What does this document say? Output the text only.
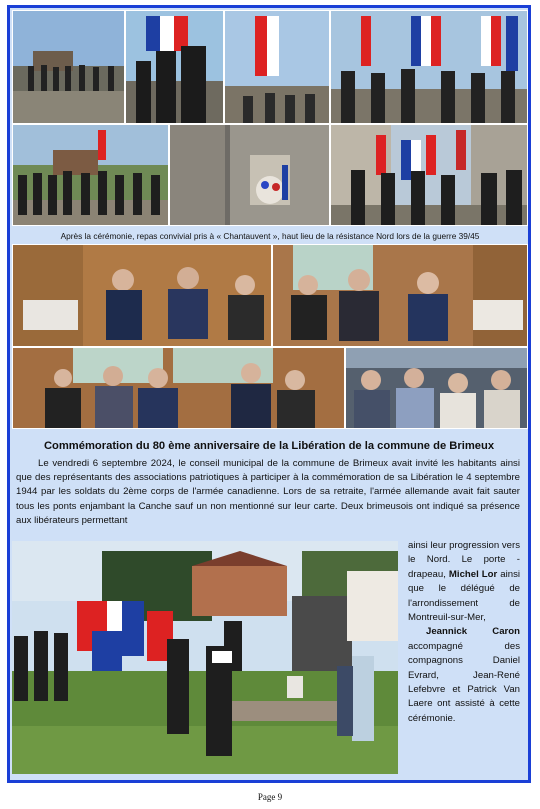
Après la cérémonie, repas convivial pris à « Chantauvent », haut lieu de la résistance Nord lors de la guerre 39/45
Commémoration du 80 ème anniversaire de la Libération de la commune de Brimeux
Le vendredi 6 septembre 2024, le conseil municipal de la commune de Brimeux avait invité les habitants ainsi que des représentants des associations patriotiques à participer à la commémoration de sa Libération le 4 septembre 1944 par les soldats du 2ème corps de l'armée canadienne. Lors de sa retraite, l'armée allemande avait fait sauter tous les ponts enjambant la Canche sauf un non mentionné sur leur carte. Deux brimeusois ont indiqué sa présence aux libérateurs permettant

ainsi leur progression vers le Nord. Le porte -drapeau, Michel Lor ainsi que le délégué de l'arrondissement de Montreuil-sur-Mer,

Jeannick Caron accompagné des compagnons Daniel Evrard, Jean-René Lefebvre et Patrick Van Laere ont assisté à cette cérémonie.

Page 9
